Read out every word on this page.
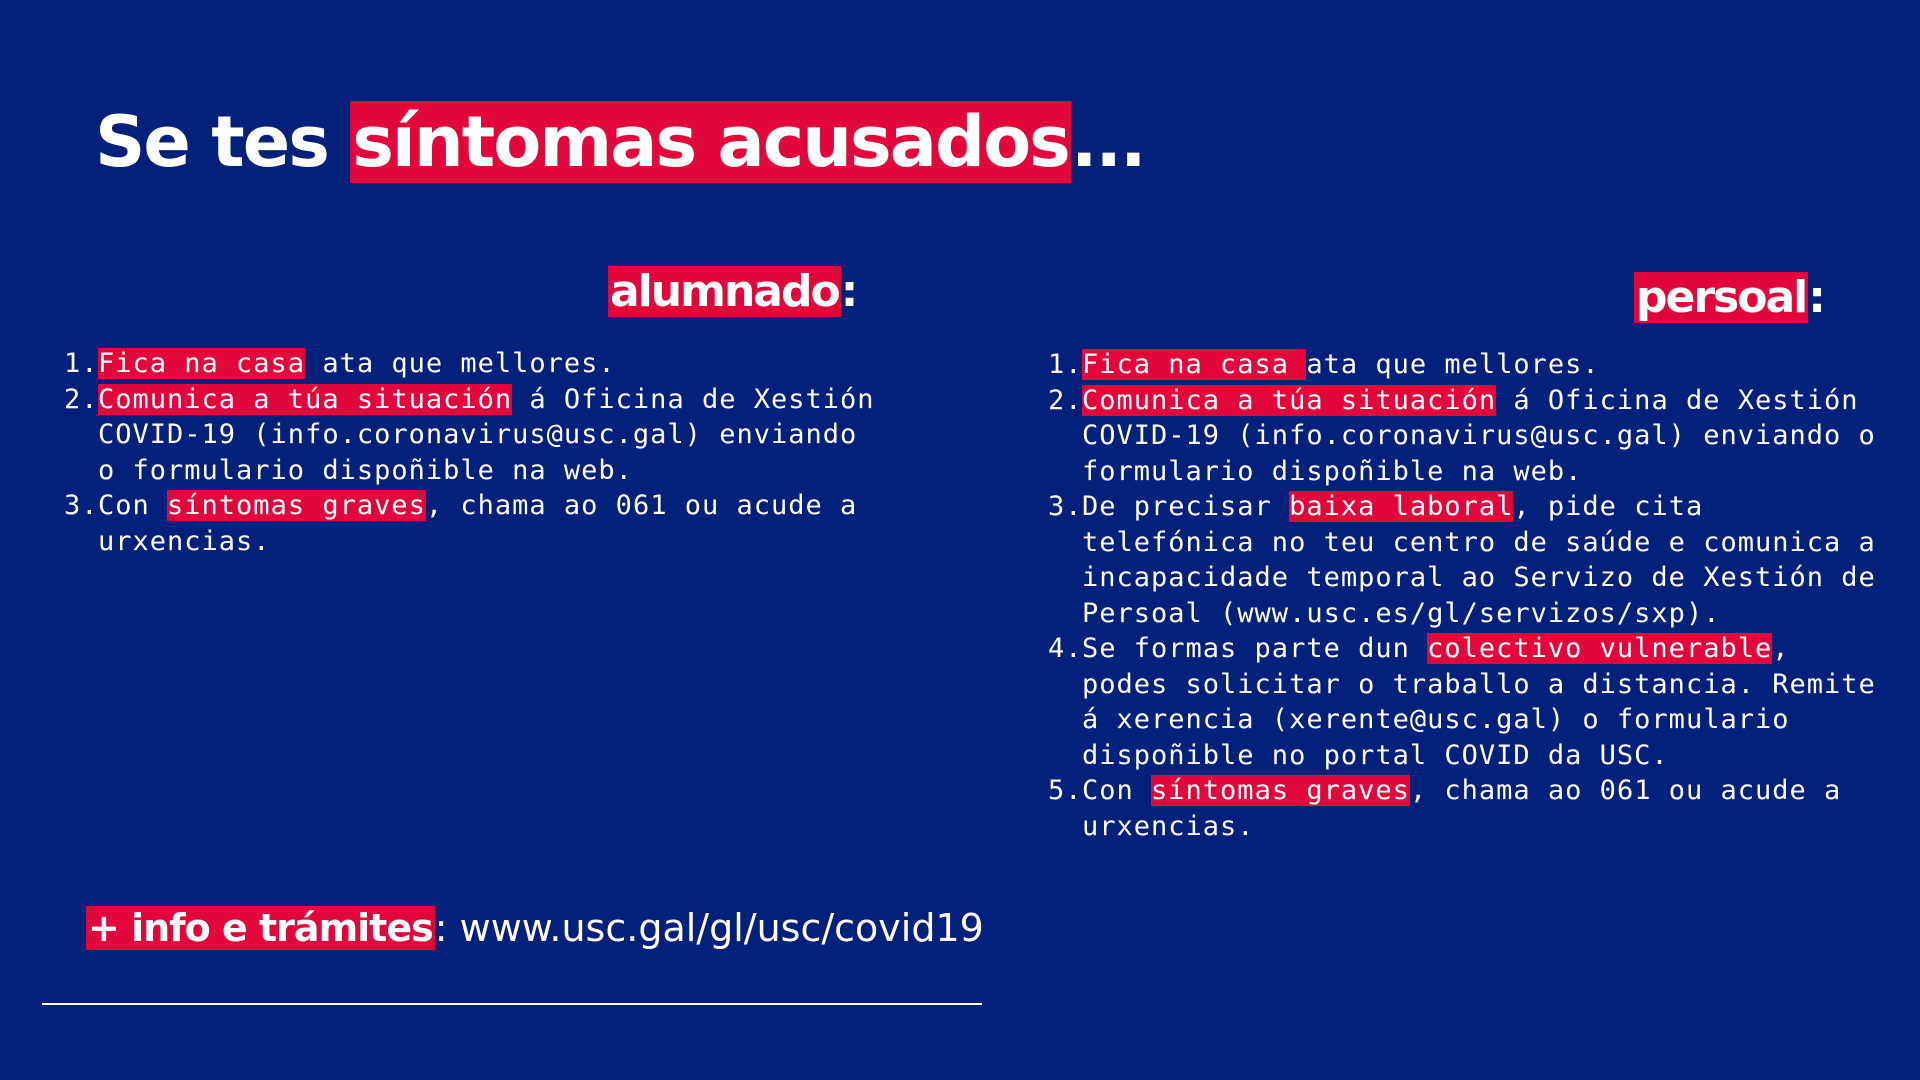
Se tes síntomas acusados...
alumnado:
1. Fica na casa ata que mellores.
2. Comunica a túa situación á Oficina de Xestión COVID-19 (info.coronavirus@usc.gal) enviando o formulario dispoñible na web.
3. Con síntomas graves, chama ao 061 ou acude a urxencias.
persoal:
1. Fica na casa ata que mellores.
2. Comunica a túa situación á Oficina de Xestión COVID-19 (info.coronavirus@usc.gal) enviando o formulario dispoñible na web.
3. De precisar baixa laboral, pide cita telefónica no teu centro de saúde e comunica a incapacidade temporal ao Servizo de Xestión de Persoal (www.usc.es/gl/servizos/sxp).
4. Se formas parte dun colectivo vulnerable, podes solicitar o traballo a distancia. Remite á xerencia (xerente@usc.gal) o formulario dispoñible no portal COVID da USC.
5. Con síntomas graves, chama ao 061 ou acude a urxencias.
+ info e trámites: www.usc.gal/gl/usc/covid19
